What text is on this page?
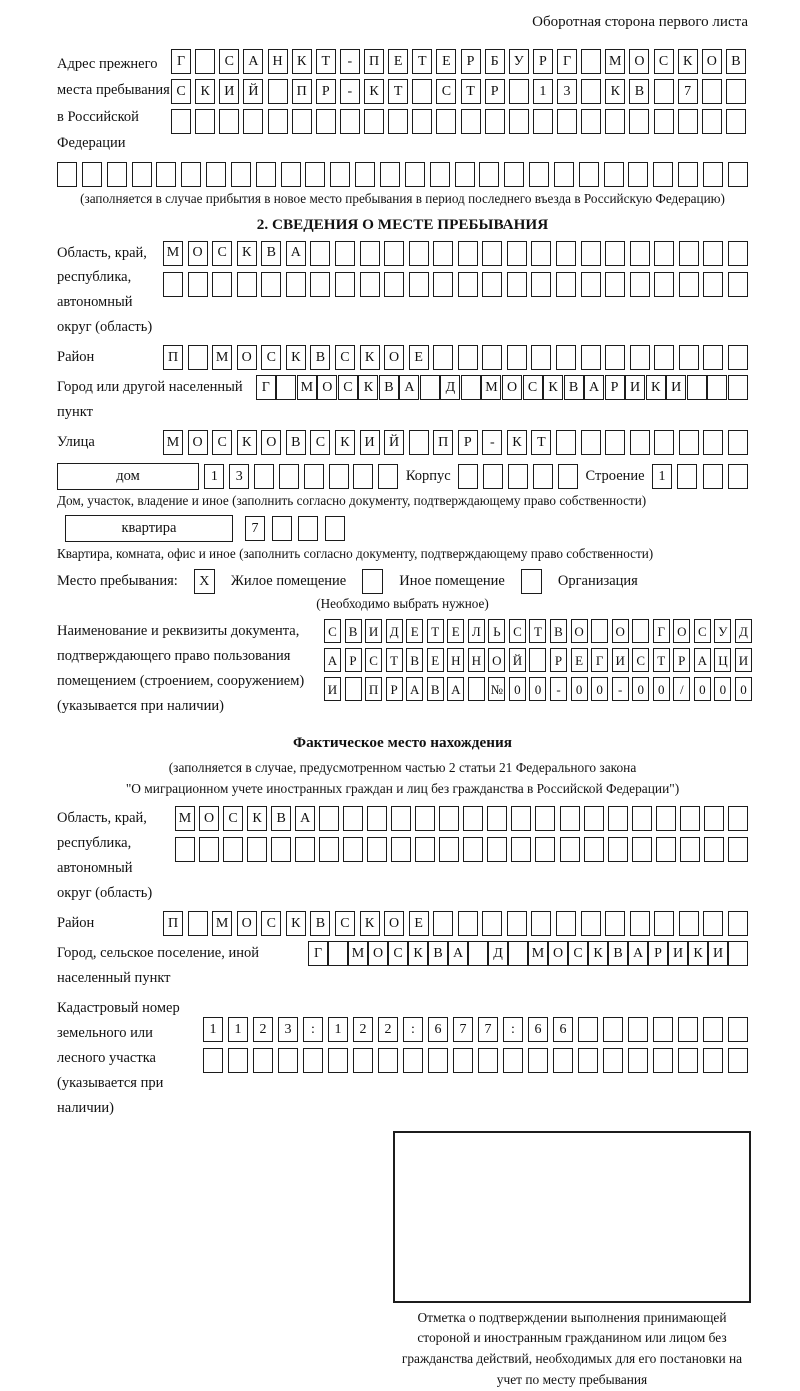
Оборотная сторона первого листа
Адрес прежнего места пребывания в Российской Федерации
Г	С	А	Н	К	Т	-	П	Е	Т	Е	Р	Б	У	Р	Г	М О	С	К	О	В
С	К	И	Й	П	Р	-	К	Т	С	Т	Р	1	3	К	В	7
(заполняется в случае прибытия в новое место пребывания в период последнего въезда в Российскую Федерацию)
2. СВЕДЕНИЯ О МЕСТЕ ПРЕБЫВАНИЯ
Область, край, республика, автономный округ (область)
М О	С	К	В	А
Район	П	М О	С	К	В	С	К	О	Е
Город или другой населенный пункт
Г	М О С К В А	Д	М О С К В А Р И К И
Улица	М О	С	К	О	В	С	К	И	Й	П	Р	-	К	Т
дом	1	3	Корпус	Строение 1
Дом, участок, владение и иное (заполнить согласно документу, подтверждающему право собственности)
квартира	7
Квартира, комната, офис и иное (заполнить согласно документу, подтверждающему право собственности)
Место пребывания:	X	Жилое помещение	Иное помещение	Организация
(Необходимо выбрать нужное)
Наименование и реквизиты документа, подтверждающего право пользования помещением (строением, сооружением) (указывается при наличии)
С В И Д Е Т Е Л Ь С Т В О О	Г О С У Д
А Р С Т В Е Н Н О Й	Р Е Г И С Т Р А Ц И
И П Р А В А № 0	0	-	0	0	-	0	0	/	0	0	0
Фактическое место нахождения
(заполняется в случае, предусмотренном частью 2 статьи 21 Федерального закона
"О миграционном учете иностранных граждан и лиц без гражданства в Российской Федерации")
Область, край, республика, автономный округ (область)
М О	С	К	В	А
Район	П	М О	С	К	В	С	К	О	Е
Город, сельское поселение, иной населенный пункт
Г	М О С К В А	Д	М О С К В А Р И К И
Кадастровый номер земельного или лесного участка (указывается при наличии)
1	1	2	3	:	1	2	2	:	6	7	7	:	6	6
Отметка о подтверждении выполнения принимающей стороной и иностранным гражданином или лицом без гражданства действий, необходимых для его постановки на учет по месту пребывания
